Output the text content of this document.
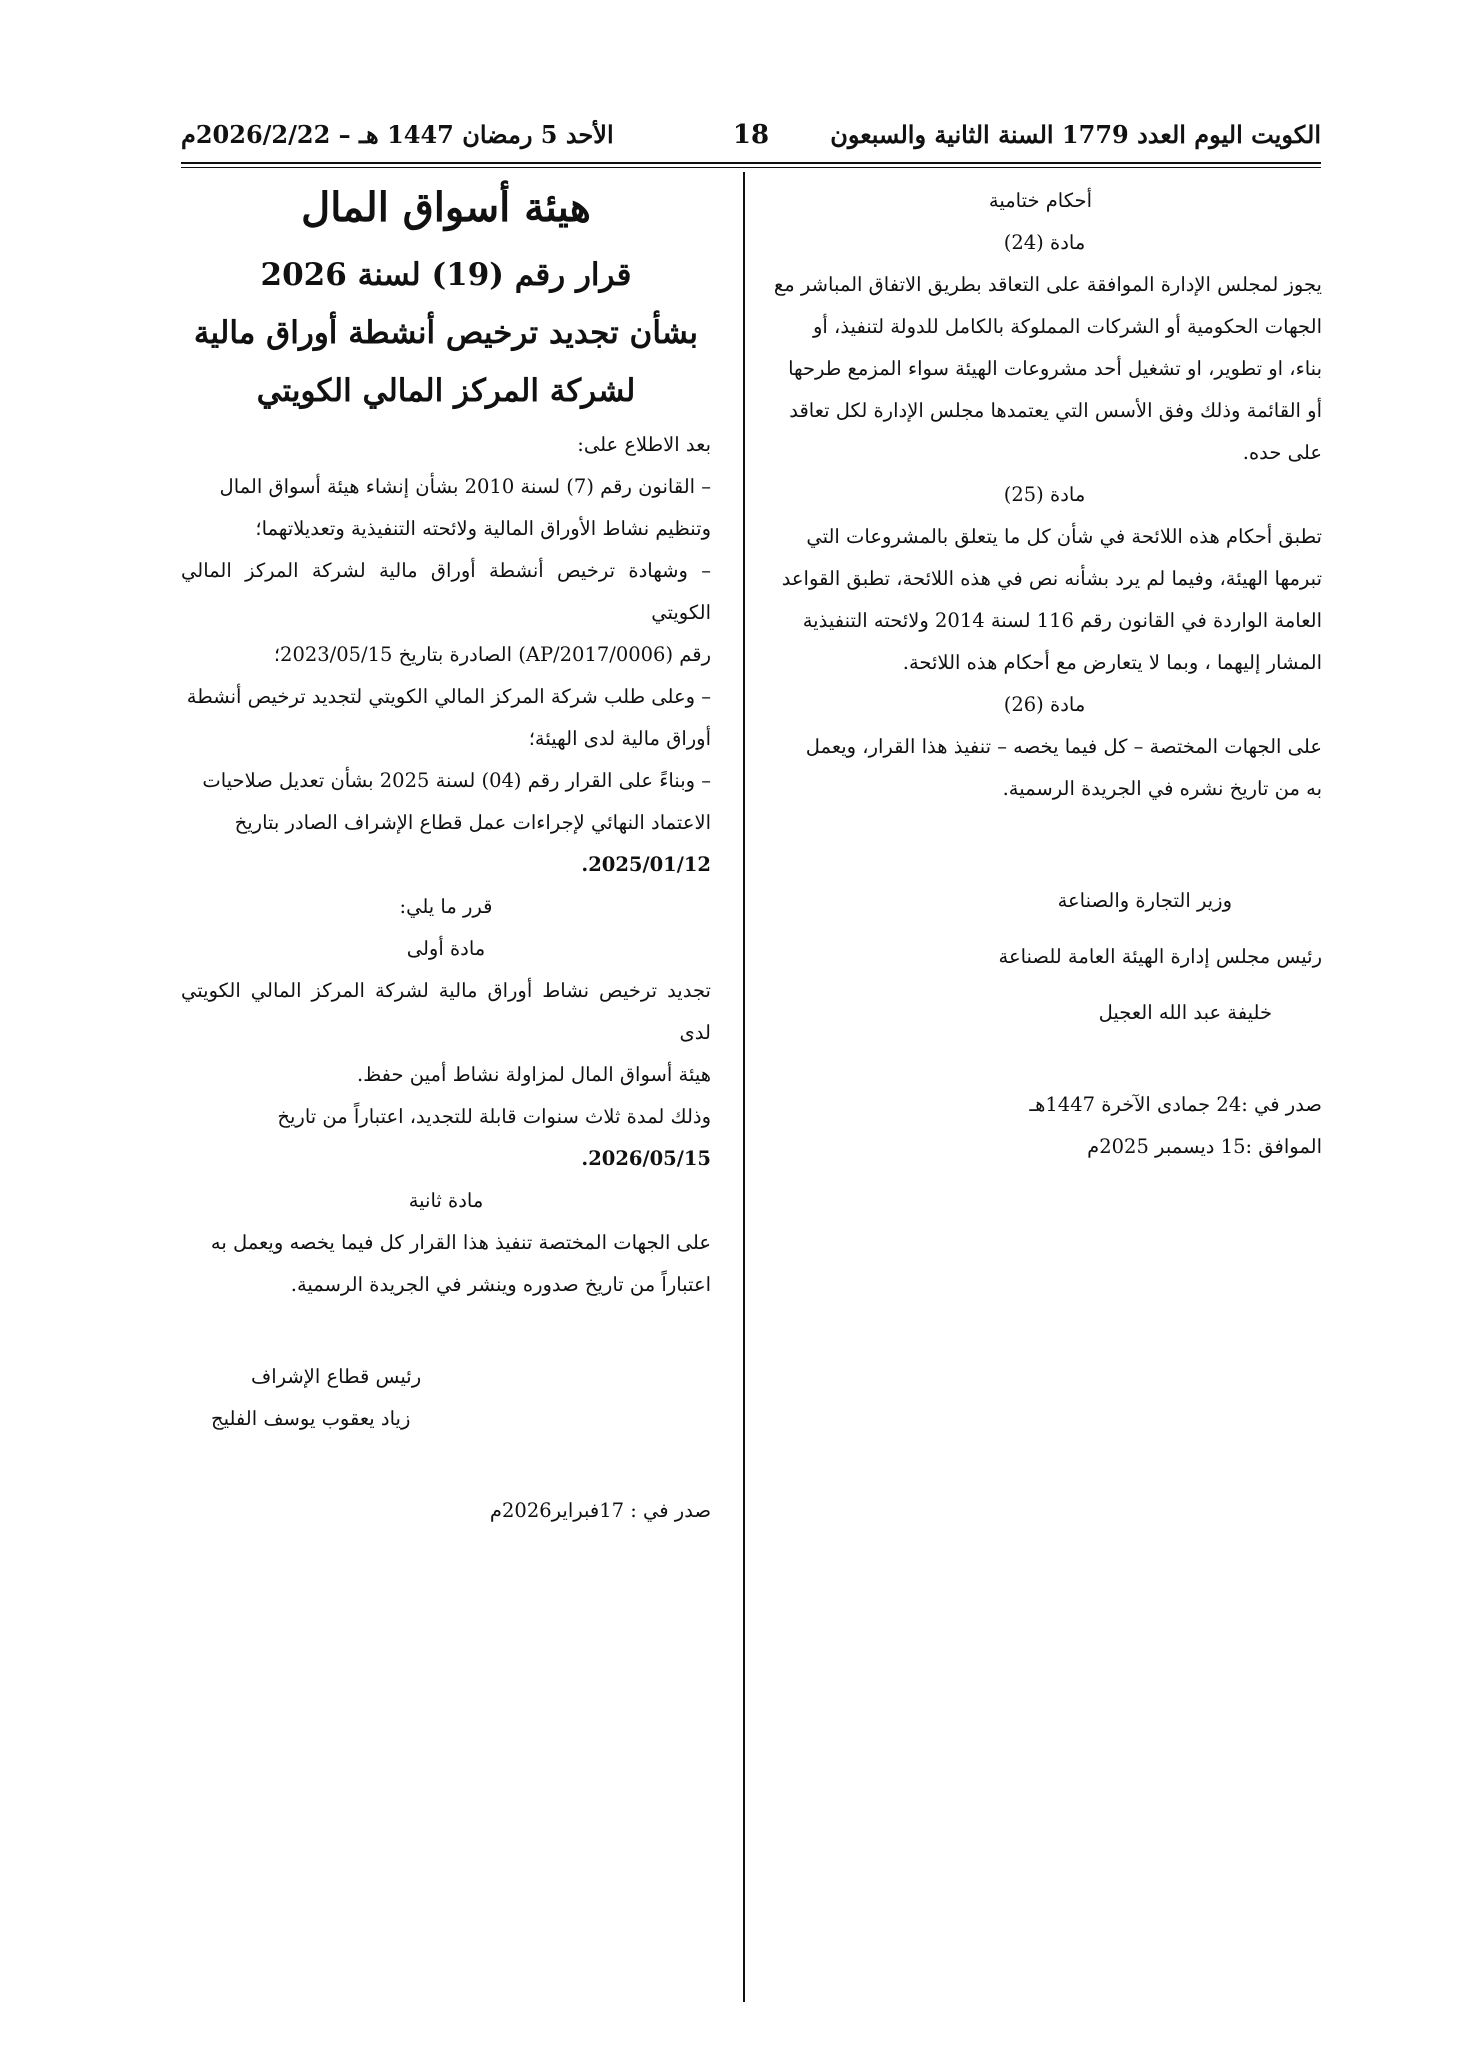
الأحد 5 رمضان 1447 هـ – 2026/2/22م	18	الكويت اليوم العدد 1779 السنة الثانية والسبعون

أحكام ختامية

مادة (24)

يجوز لمجلس الإدارة الموافقة على التعاقد بطريق الاتفاق المباشر مع

الجهات الحكومية أو الشركات المملوكة بالكامل للدولة لتنفيذ، أو

بناء، او تطوير، او تشغيل أحد مشروعات الهيئة سواء المزمع طرحها

أو القائمة وذلك وفق الأسس التي يعتمدها مجلس الإدارة لكل تعاقد

على حده.

مادة (25)

تطبق أحكام هذه اللائحة في شأن كل ما يتعلق بالمشروعات التي

تبرمها الهيئة، وفيما لم يرد بشأنه نص في هذه اللائحة، تطبق القواعد

العامة الواردة في القانون رقم 116 لسنة 2014 ولائحته التنفيذية

المشار إليهما ، وبما لا يتعارض مع أحكام هذه اللائحة.

مادة (26)

على الجهات المختصة – كل فيما يخصه – تنفيذ هذا القرار، ويعمل

به من تاريخ نشره في الجريدة الرسمية.

وزير التجارة والصناعة

رئيس مجلس إدارة الهيئة العامة للصناعة

خليفة عبد الله العجيل

صدر في :24 جمادى الآخرة 1447هـ

الموافق :15 ديسمبر 2025م

هيئة أسواق المال

قرار رقم (19) لسنة 2026

بشأن تجديد ترخيص أنشطة أوراق مالية

لشركة المركز المالي الكويتي

بعد الاطلاع على:

– القانون رقم (7) لسنة 2010 بشأن إنشاء هيئة أسواق المال

وتنظيم نشاط الأوراق المالية ولائحته التنفيذية وتعديلاتهما؛

– وشهادة ترخيص أنشطة أوراق مالية لشركة المركز المالي الكويتي

رقم (AP/2017/0006) الصادرة بتاريخ 2023/05/15؛

– وعلى طلب شركة المركز المالي الكويتي لتجديد ترخيص أنشطة

أوراق مالية لدى الهيئة؛

– وبناءً على القرار رقم (04) لسنة 2025 بشأن تعديل صلاحيات

الاعتماد النهائي لإجراءات عمل قطاع الإشراف الصادر بتاريخ

2025/01/12.

قرر ما يلي:

مادة أولى

تجديد ترخيص نشاط أوراق مالية لشركة المركز المالي الكويتي لدى

هيئة أسواق المال لمزاولة نشاط أمين حفظ.

وذلك لمدة ثلاث سنوات قابلة للتجديد، اعتباراً من تاريخ

2026/05/15.

مادة ثانية

على الجهات المختصة تنفيذ هذا القرار كل فيما يخصه ويعمل به

اعتباراً من تاريخ صدوره وينشر في الجريدة الرسمية.

رئيس قطاع الإشراف

زياد يعقوب يوسف الفليج

صدر في : 17فبراير2026م
